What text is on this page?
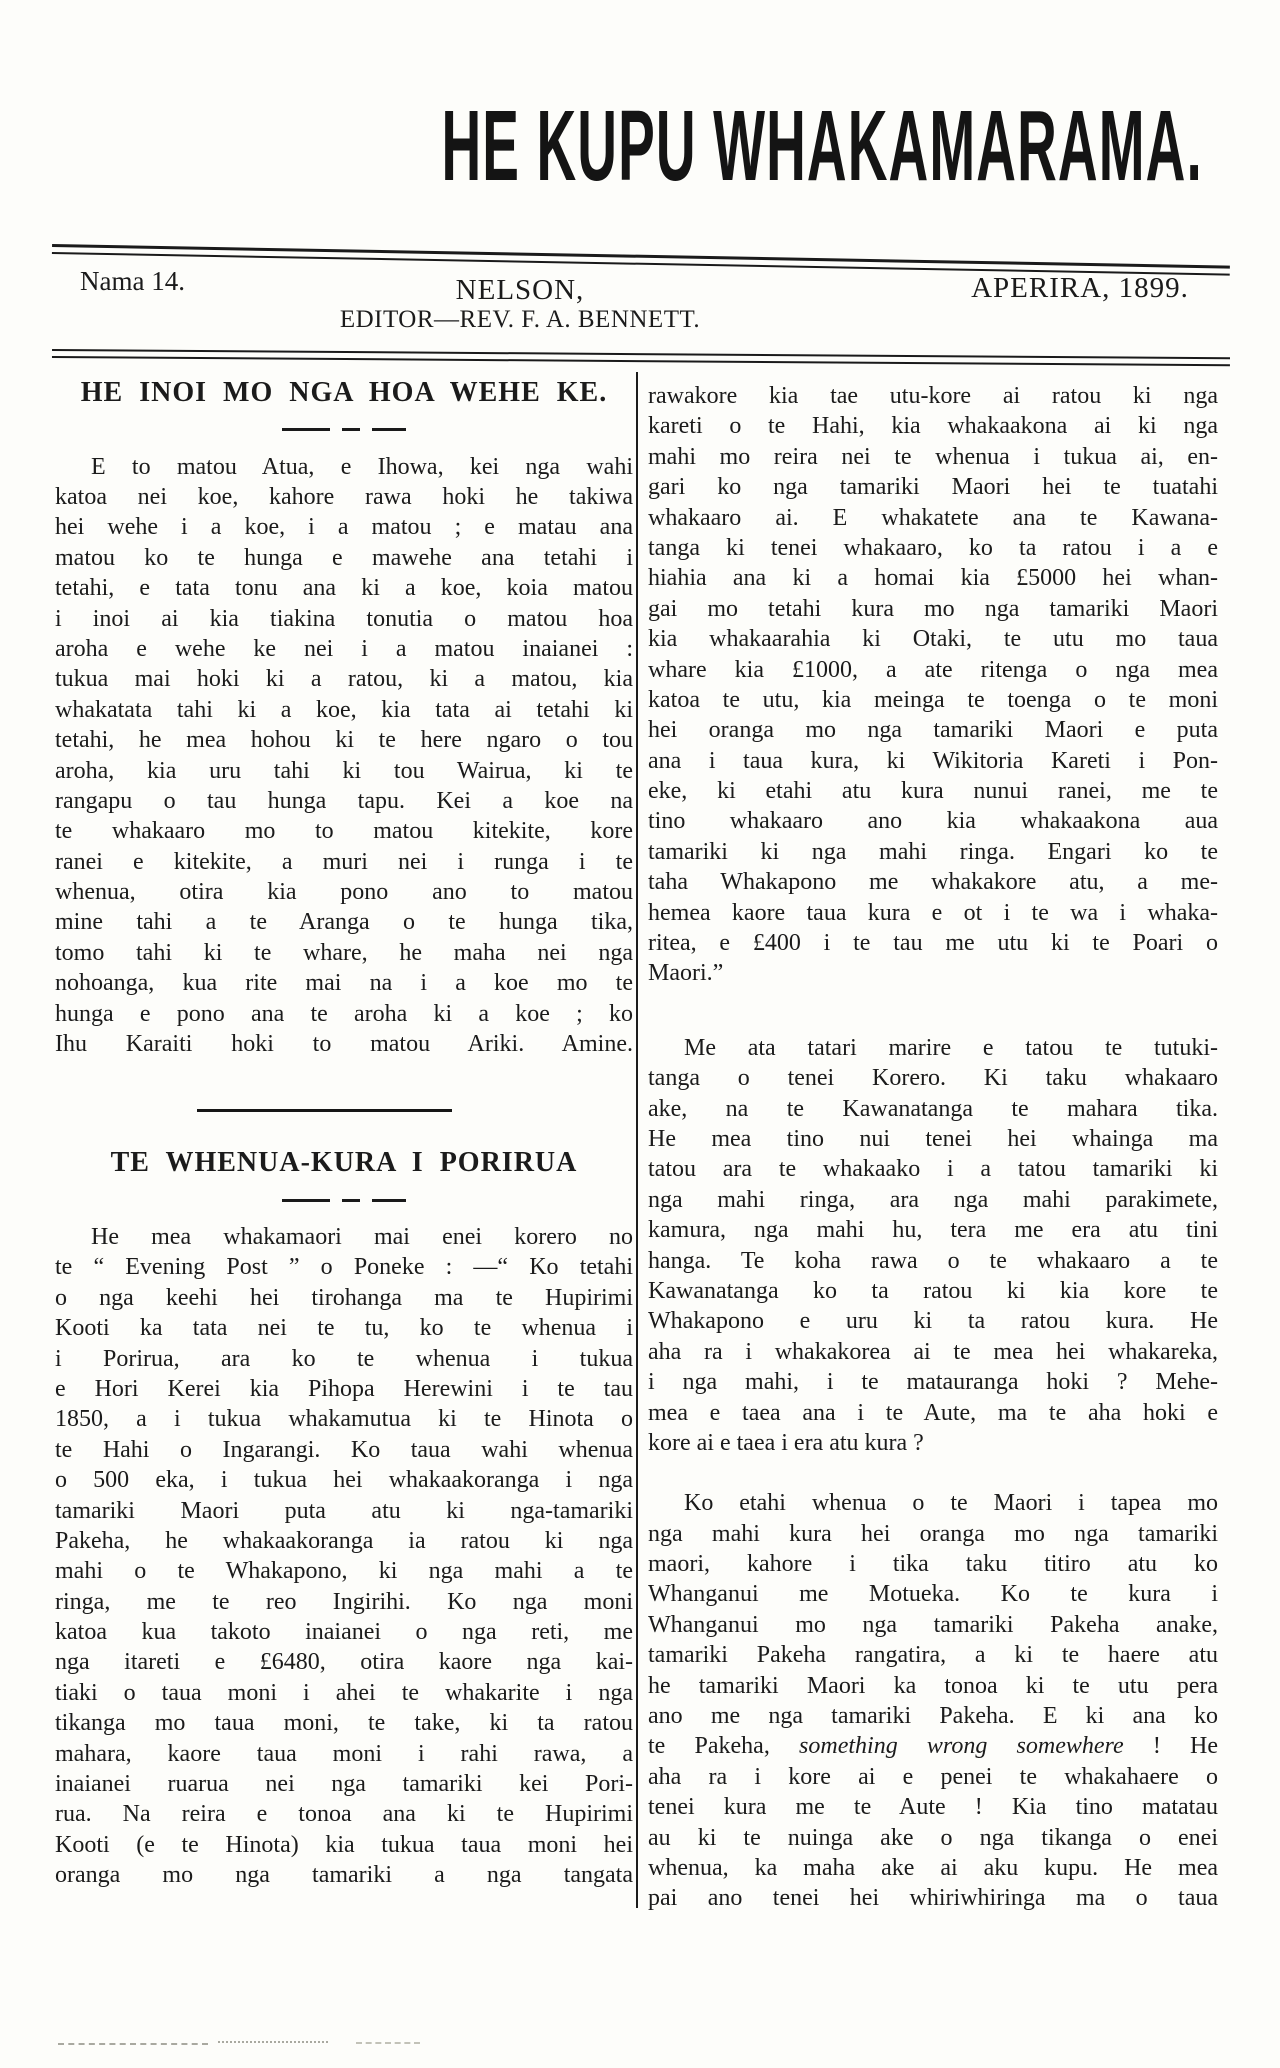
HE KUPU WHAKAMARAMA.
Nama 14.	NELSON,	APERIRA, 1899.
EDITOR—REV. F. A. BENNETT.
HE INOI MO NGA HOA WEHE KE.
E to matou Atua, e Ihowa, kei nga wahi
katoa nei koe, kahore rawa hoki he takiwa
hei wehe i a koe, i a matou ; e matau ana
matou ko te hunga e mawehe ana tetahi i
tetahi, e tata tonu ana ki a koe, koia matou
i inoi ai kia tiakina tonutia o matou hoa
aroha e wehe ke nei i a matou inaianei :
tukua mai hoki ki a ratou, ki a matou, kia
whakatata tahi ki a koe, kia tata ai tetahi ki
tetahi, he mea hohou ki te here ngaro o tou
aroha, kia uru tahi ki tou Wairua, ki te
rangapu o tau hunga tapu. Kei a koe na
te whakaaro mo to matou kitekite, kore
ranei e kitekite, a muri nei i runga i te
whenua, otira kia pono ano to matou
mine tahi a te Aranga o te hunga tika,
tomo tahi ki te whare, he maha nei nga
nohoanga, kua rite mai na i a koe mo te
hunga e pono ana te aroha ki a koe ; ko
Ihu Karaiti hoki to matou Ariki. Amine.
TE WHENUA-KURA I PORIRUA
He mea whakamaori mai enei korero no
te “ Evening Post ” o Poneke : —“ Ko tetahi
o nga keehi hei tirohanga ma te Hupirimi
Kooti ka tata nei te tu, ko te whenua i
i Porirua, ara ko te whenua i tukua
e Hori Kerei kia Pihopa Herewini i te tau
1850, a i tukua whakamutua ki te Hinota o
te Hahi o Ingarangi. Ko taua wahi whenua
o 500 eka, i tukua hei whakaakoranga i nga
tamariki Maori puta atu ki nga-tamariki
Pakeha, he whakaakoranga ia ratou ki nga
mahi o te Whakapono, ki nga mahi a te
ringa, me te reo Ingirihi. Ko nga moni
katoa kua takoto inaianei o nga reti, me
nga itareti e £6480, otira kaore nga kai-
tiaki o taua moni i ahei te whakarite i nga
tikanga mo taua moni, te take, ki ta ratou
mahara, kaore taua moni i rahi rawa, a
inaianei ruarua nei nga tamariki kei Pori-
rua. Na reira e tonoa ana ki te Hupirimi
Kooti (e te Hinota) kia tukua taua moni hei
oranga mo nga tamariki a nga tangata
rawakore kia tae utu-kore ai ratou ki nga
kareti o te Hahi, kia whakaakona ai ki nga
mahi mo reira nei te whenua i tukua ai, en-
gari ko nga tamariki Maori hei te tuatahi
whakaaro ai. E whakatete ana te Kawana-
tanga ki tenei whakaaro, ko ta ratou i a e
hiahia ana ki a homai kia £5000 hei whan-
gai mo tetahi kura mo nga tamariki Maori
kia whakaarahia ki Otaki, te utu mo taua
whare kia £1000, a ate ritenga o nga mea
katoa te utu, kia meinga te toenga o te moni
hei oranga mo nga tamariki Maori e puta
ana i taua kura, ki Wikitoria Kareti i Pon-
eke, ki etahi atu kura nunui ranei, me te
tino whakaaro ano kia whakaakona aua
tamariki ki nga mahi ringa. Engari ko te
taha Whakapono me whakakore atu, a me-
hemea kaore taua kura e ot i te wa i whaka-
ritea, e £400 i te tau me utu ki te Poari o
Maori.”
Me ata tatari marire e tatou te tutuki-
tanga o tenei Korero. Ki taku whakaaro
ake, na te Kawanatanga te mahara tika.
He mea tino nui tenei hei whainga ma
tatou ara te whakaako i a tatou tamariki ki
nga mahi ringa, ara nga mahi parakimete,
kamura, nga mahi hu, tera me era atu tini
hanga. Te koha rawa o te whakaaro a te
Kawanatanga ko ta ratou ki kia kore te
Whakapono e uru ki ta ratou kura. He
aha ra i whakakorea ai te mea hei whakareka,
i nga mahi, i te matauranga hoki ? Mehe-
mea e taea ana i te Aute, ma te aha hoki e
kore ai e taea i era atu kura ?
Ko etahi whenua o te Maori i tapea mo
nga mahi kura hei oranga mo nga tamariki
maori, kahore i tika taku titiro atu ko
Whanganui me Motueka. Ko te kura i
Whanganui mo nga tamariki Pakeha anake,
tamariki Pakeha rangatira, a ki te haere atu
he tamariki Maori ka tonoa ki te utu pera
ano me nga tamariki Pakeha. E ki ana ko
te Pakeha, something wrong somewhere ! He
aha ra i kore ai e penei te whakahaere o
tenei kura me te Aute ! Kia tino matatau
au ki te nuinga ake o nga tikanga o enei
whenua, ka maha ake ai aku kupu. He mea
pai ano tenei hei whiriwhiringa ma o taua
